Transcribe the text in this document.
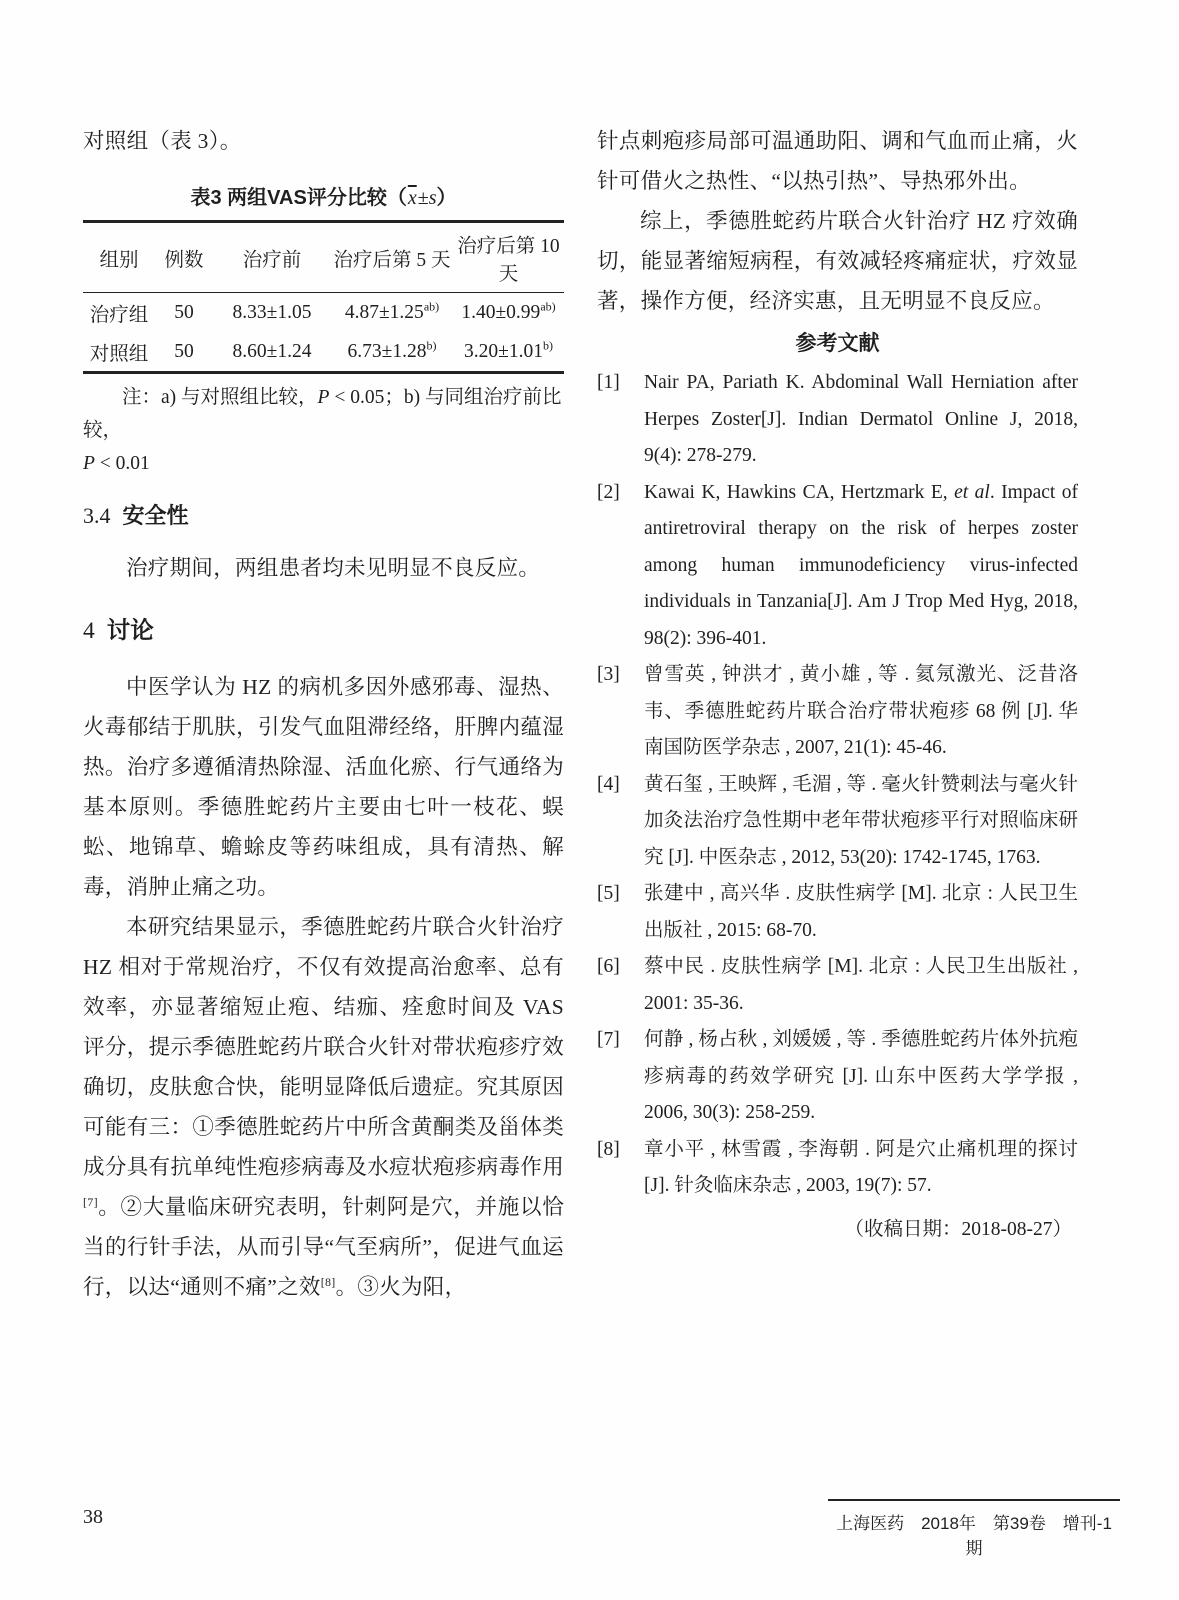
对照组（表 3）。

表3 两组VAS评分比较$(\overline{x}\pm s)$
组别	例数	治疗前	治疗后第 5 天	治疗后第 10 天
治疗组	50	8.33±1.05	$4.87\pm 1.25^{ab)}$	$1.40\pm 0.99^{ab)}$
对照组	50	8.60±1.24	$6.73\pm 1.28^{b)}$	$3.20\pm 1.01^{b)}$
注：a) 与对照组比较，P < 0.05；b) 与同组治疗前比较，
P < 0.01
3.4 安全性

治疗期间，两组患者均未见明显不良反应。

4 讨论

中医学认为 HZ 的病机多因外感邪毒、湿热、火毒郁结于肌肤，引发气血阻滞经络，肝脾内蕴湿热。治疗多遵循清热除湿、活血化瘀、行气通络为基本原则。季德胜蛇药片主要由七叶一枝花、蜈蚣、地锦草、蟾蜍皮等药味组成，具有清热、解毒，消肿止痛之功。

本研究结果显示，季德胜蛇药片联合火针治疗 HZ 相对于常规治疗，不仅有效提高治愈率、总有效率，亦显著缩短止疱、结痂、痊愈时间及 VAS 评分，提示季德胜蛇药片联合火针对带状疱疹疗效确切，皮肤愈合快，能明显降低后遗症。究其原因可能有三：①季德胜蛇药片中所含黄酮类及甾体类成分具有抗单纯性疱疹病毒及水痘状疱疹病毒作用[7]。②大量临床研究表明，针刺阿是穴，并施以恰当的行针手法，从而引导“气至病所”，促进气血运行，以达“通则不痛”之效[8]。③火为阳，

针点刺疱疹局部可温通助阳、调和气血而止痛，火针可借火之热性、“以热引热”、导热邪外出。

综上，季德胜蛇药片联合火针治疗 HZ 疗效确切，能显著缩短病程，有效减轻疼痛症状，疗效显著，操作方便，经济实惠，且无明显不良反应。

参考文献
[1]	Nair PA, Pariath K. Abdominal Wall Herniation after Herpes Zoster[J]. Indian Dermatol Online J, 2018, 9(4): 278-279.
[2]	Kawai K, Hawkins CA, Hertzmark E, et al. Impact of antiretroviral therapy on the risk of herpes zoster among human immunodeficiency virus-infected individuals in Tanzania[J]. Am J Trop Med Hyg, 2018, 98(2): 396-401.
[3]	曾雪英 , 钟洪才 , 黄小雄 , 等 . 氦氖激光、泛昔洛韦、季德胜蛇药片联合治疗带状疱疹 68 例 [J]. 华南国防医学杂志 , 2007, 21(1): 45-46.
[4]	黄石玺 , 王映辉 , 毛湄 , 等 . 毫火针赞刺法与毫火针加灸法治疗急性期中老年带状疱疹平行对照临床研究 [J]. 中医杂志 , 2012, 53(20): 1742-1745, 1763.
[5]	张建中 , 高兴华 . 皮肤性病学 [M]. 北京 : 人民卫生出版社 , 2015: 68-70.
[6]	蔡中民 . 皮肤性病学 [M]. 北京 : 人民卫生出版社 , 2001: 35-36.
[7]	何静 , 杨占秋 , 刘媛媛 , 等 . 季德胜蛇药片体外抗疱疹病毒的药效学研究 [J]. 山东中医药大学学报 , 2006, 30(3): 258-259.
[8]	章小平 , 林雪霞 , 李海朝 . 阿是穴止痛机理的探讨 [J]. 针灸临床杂志 , 2003, 19(7): 57.
（收稿日期：2018-08-27）
38	上海医药　2018年　第39卷　增刊-1期
